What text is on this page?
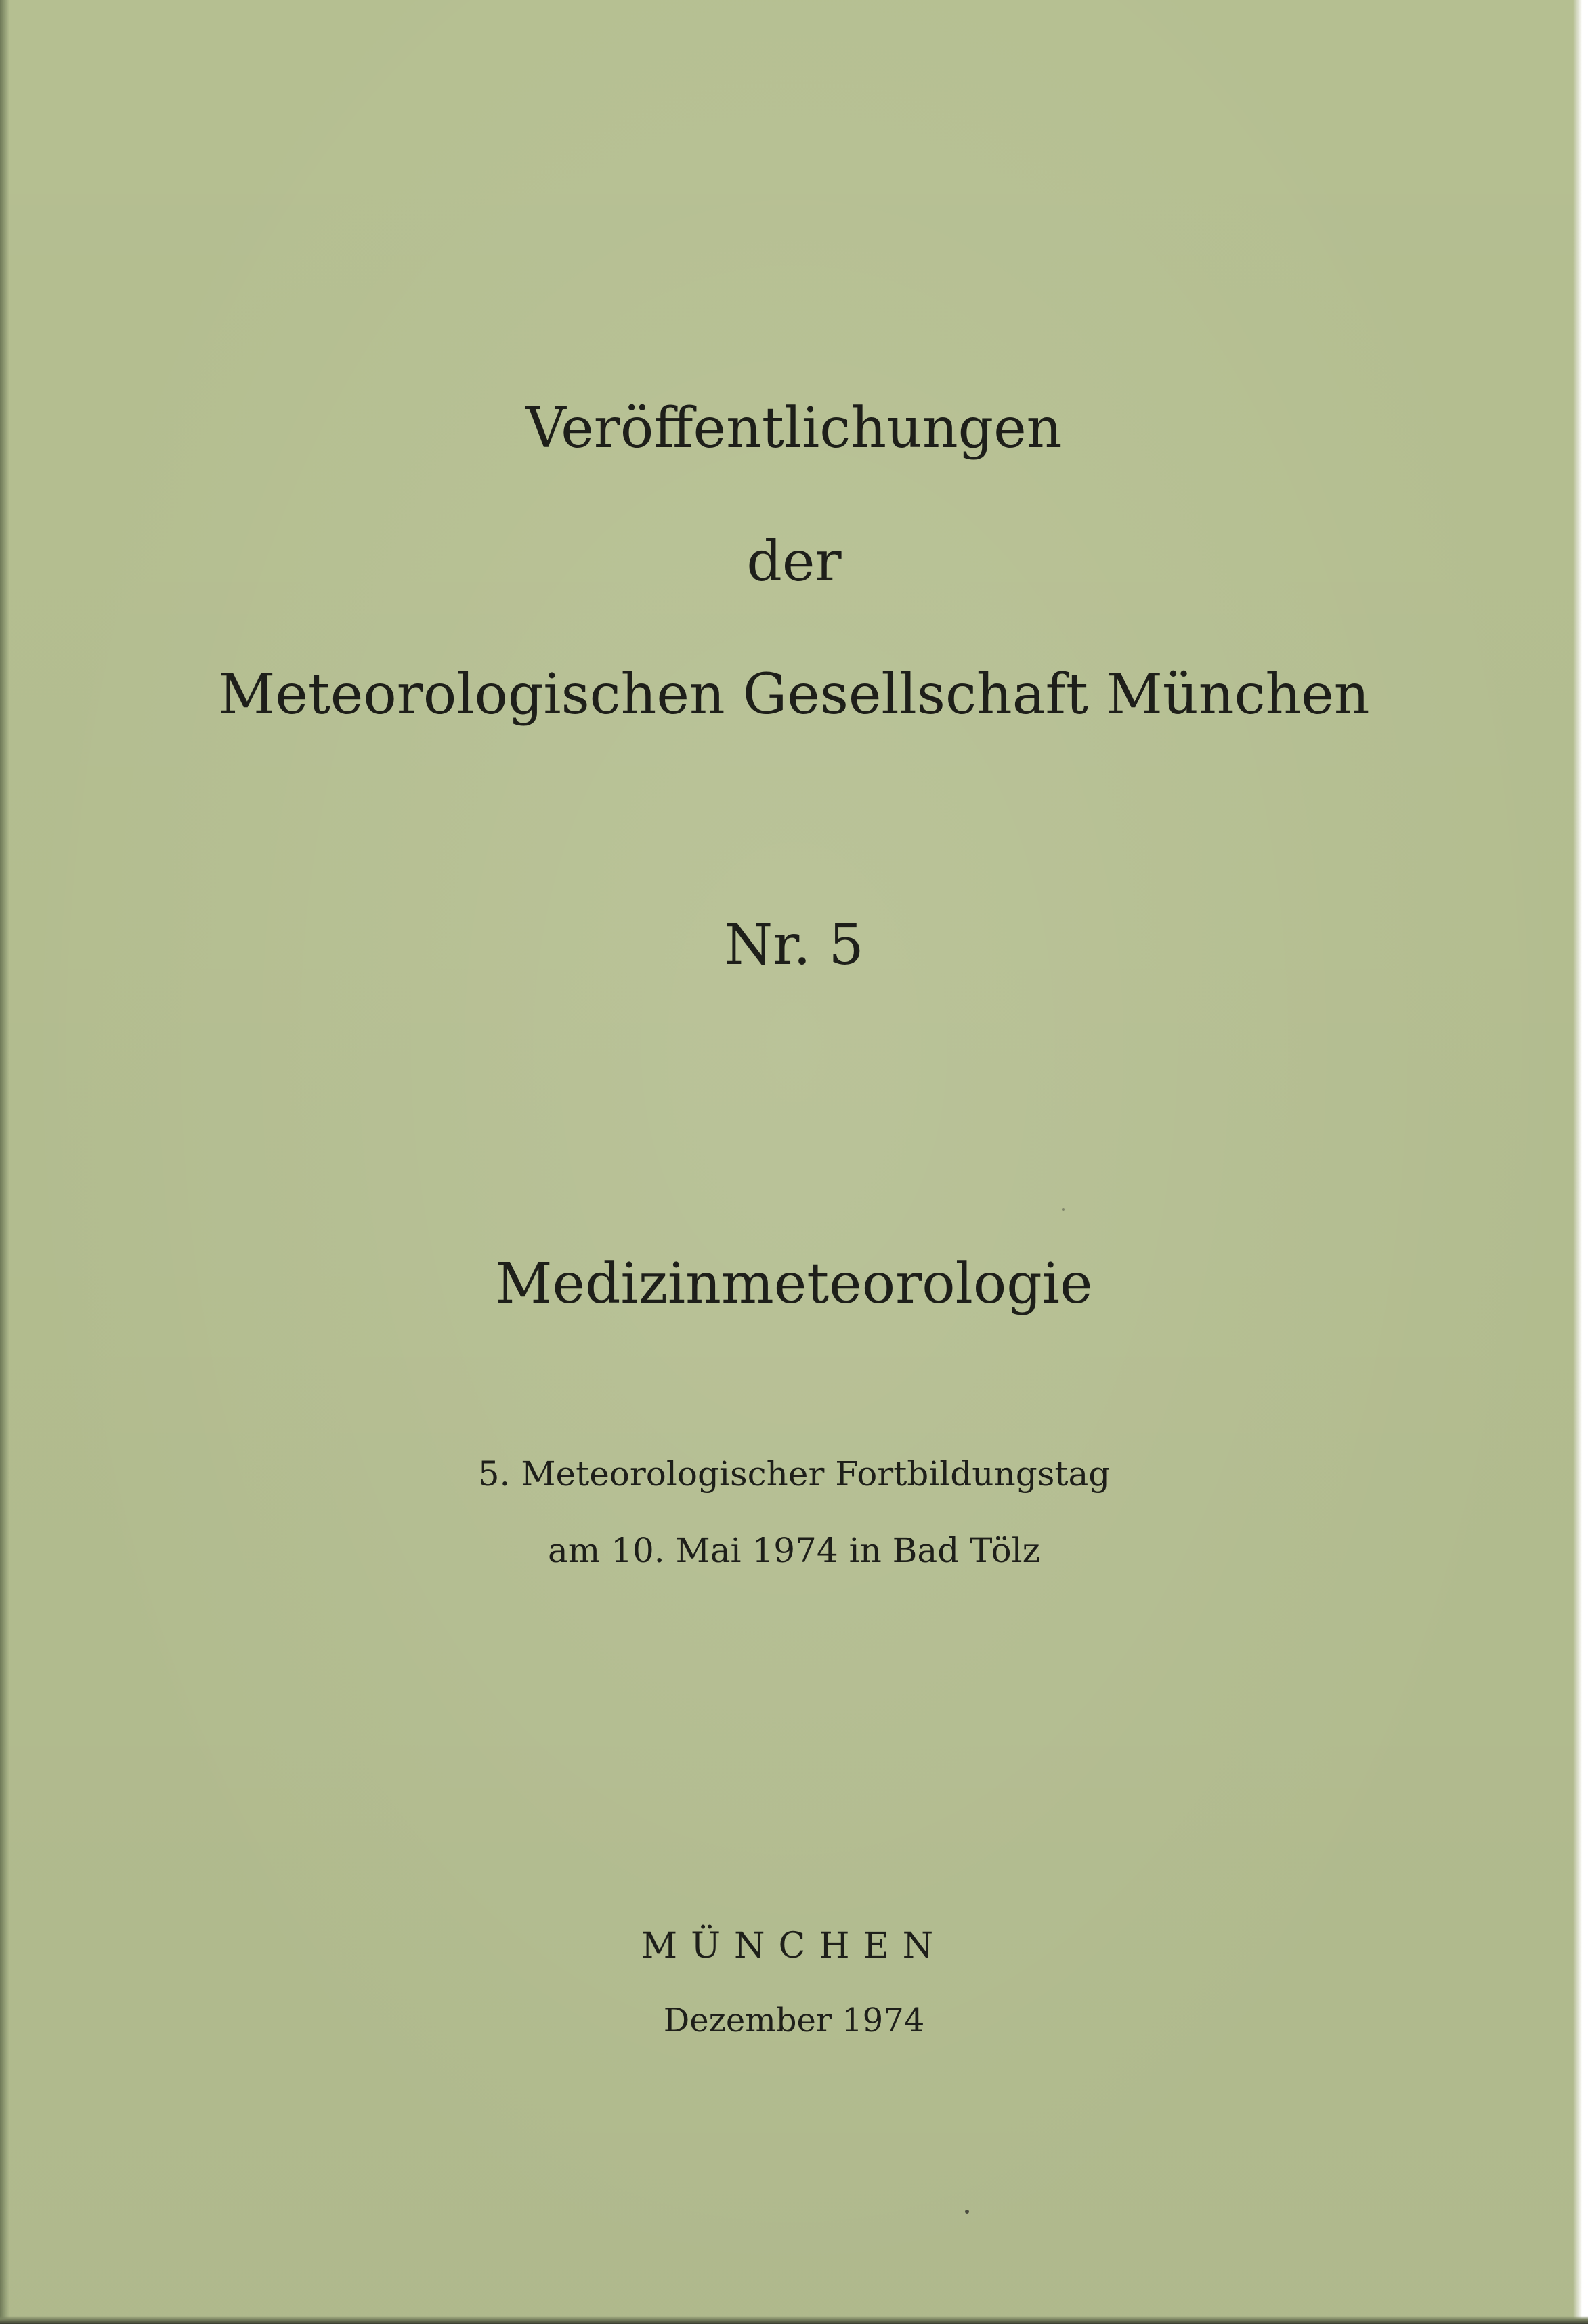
Veröffentlichungen

der

Meteorologischen Gesellschaft München

Nr. 5

Medizinmeteorologie

5. Meteorologischer Fortbildungstag

am 10. Mai 1974 in Bad Tölz

MÜNCHEN

Dezember 1974
